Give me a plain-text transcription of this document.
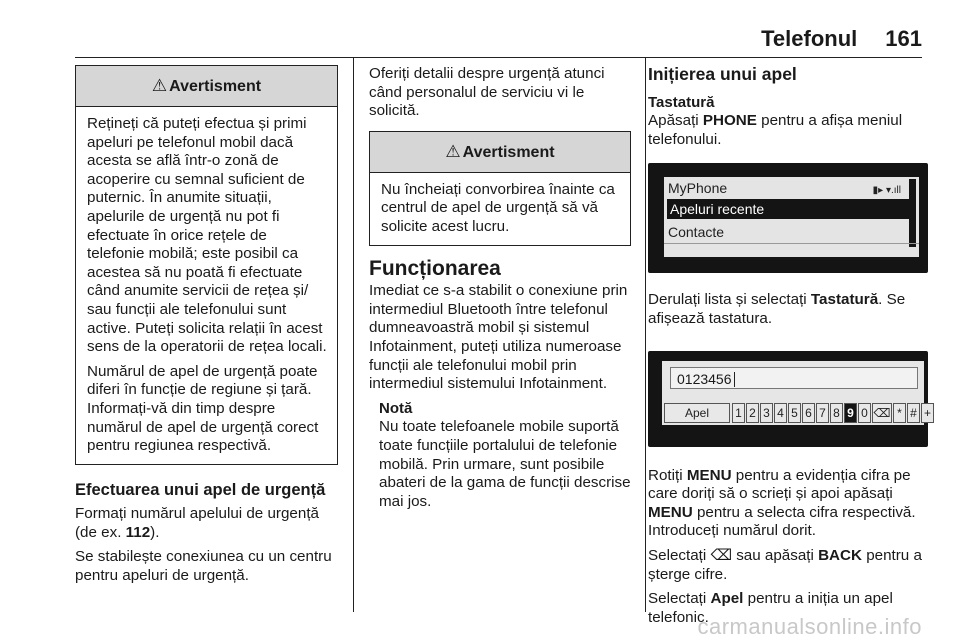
Telefonul 161
⚠ Avertisment

Rețineți că puteți efectua și primi apeluri pe telefonul mobil dacă acesta se află într-o zonă de acoperire cu semnal suficient de puternic. În anumite situații, apelurile de urgență nu pot fi efectuate în orice rețele de telefonie mobilă; este posibil ca acestea să nu poată fi efectuate când anumite servicii de rețea și/ sau funcții ale telefonului sunt active. Puteți solicita relații în acest sens de la operatorii de rețea locali.

Numărul de apel de urgență poate diferi în funcție de regiune și țară. Informați-vă din timp despre numărul de apel de urgență corect pentru regiunea respectivă.

Efectuarea unui apel de urgență

Formați numărul apelului de urgență (de ex. 112).

Se stabilește conexiunea cu un centru pentru apeluri de urgență.

Oferiți detalii despre urgență atunci când personalul de serviciu vi le solicită.

⚠ Avertisment

Nu încheiați convorbirea înainte ca centrul de apel de urgență să vă solicite acest lucru.

Funcționarea

Imediat ce s-a stabilit o conexiune prin intermediul Bluetooth între telefonul dumneavoastră mobil și sistemul Infotainment, puteți utiliza numeroase funcții ale telefonului mobil prin intermediul sistemului Infotainment.

Notă

Nu toate telefoanele mobile suportă toate funcțiile portalului de telefonie mobilă. Prin urmare, sunt posibile abateri de la gama de funcții descrise mai jos.

Inițierea unui apel
Tastatură

Apăsați PHONE pentru a afișa meniul telefonului.

MyPhone	▮▸ ▾.ıll
Apeluri recente
Contacte

Derulați lista și selectați Tastatură. Se afișează tastatura.

0123456
Apel	1 2 3 4 5 6 7 8 9 0 ⌫ * # +

Rotiți MENU pentru a evidenția cifra pe care doriți să o scrieți și apoi apăsați MENU pentru a selecta cifra respectivă. Introduceți numărul dorit.

Selectați ⌫ sau apăsați BACK pentru a șterge cifre.

Selectați Apel pentru a iniția un apel telefonic.

carmanualsonline.info
